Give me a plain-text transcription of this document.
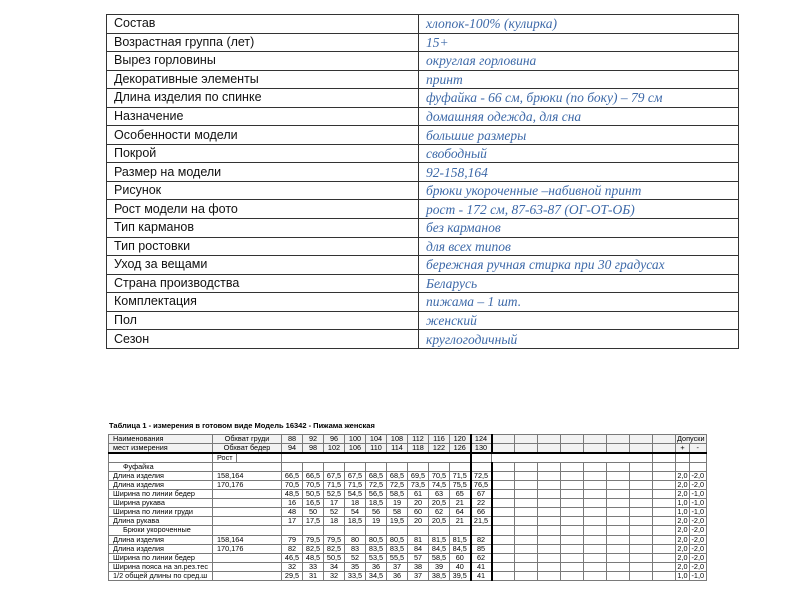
Состав	хлопок-100% (кулирка)
Возрастная группа (лет)	15+
Вырез горловины	округлая горловина
Декоративные элементы	принт
Длина изделия по спинке	фуфайка - 66 см, брюки (по боку) – 79 см
Назначение	домашняя одежда, для сна
Особенности модели	большие размеры
Покрой	свободный
Размер на модели	92-158,164
Рисунок	брюки укороченные –набивной принт
Рост модели на фото	рост - 172 см, 87-63-87 (ОГ-ОТ-ОБ)
Тип карманов	без карманов
Тип ростовки	для всех типов
Уход за вещами	бережная ручная стирка при 30 градусах
Страна производства	Беларусь
Комплектация	пижама – 1 шт.
Пол	женский
Сезон	круглогодичный
Таблица 1 - измерения в готовом виде Модель 16342 - Пижама женская
Наименования	Обхват груди		88	92	96	100	104	108	112	116	120	124									Допуски	
мест измерения	Обхват бедер		94	98	102	106	110	114	118	122	126	130									+	-
	Рост																					
Фуфайка																						
Длина изделия	158,164		66,5	66,5	67,5	67,5	68,5	68,5	69,5	70,5	71,5	72,5									2,0	-2,0
Длина изделия	170,176		70,5	70,5	71,5	71,5	72,5	72,5	73,5	74,5	75,5	76,5									2,0	-2,0
Ширина по линии бедер			48,5	50,5	52,5	54,5	56,5	58,5	61	63	65	67									2,0	-1,0
Ширина рукава			16	16,5	17	18	18,5	19	20	20,5	21	22									1,0	-1,0
Ширина по линии груди			48	50	52	54	56	58	60	62	64	66									1,0	-1,0
Длина рукава			17	17,5	18	18,5	19	19,5	20	20,5	21	21,5									2,0	-2,0
Брюки укороченные																					2,0	-2,0
Длина изделия	158,164		79	79,5	79,5	80	80,5	80,5	81	81,5	81,5	82									2,0	-2,0
Длина изделия	170,176		82	82,5	82,5	83	83,5	83,5	84	84,5	84,5	85									2,0	-2,0
Ширина по линии бедер			46,5	48,5	50,5	52	53,5	55,5	57	58,5	60	62									2,0	-2,0
Ширина пояса на эл.рез.тес			32	33	34	35	36	37	38	39	40	41									2,0	-2,0
1/2 общей длины по сред.ш			29,5	31	32	33,5	34,5	36	37	38,5	39,5	41									1,0	-1,0
